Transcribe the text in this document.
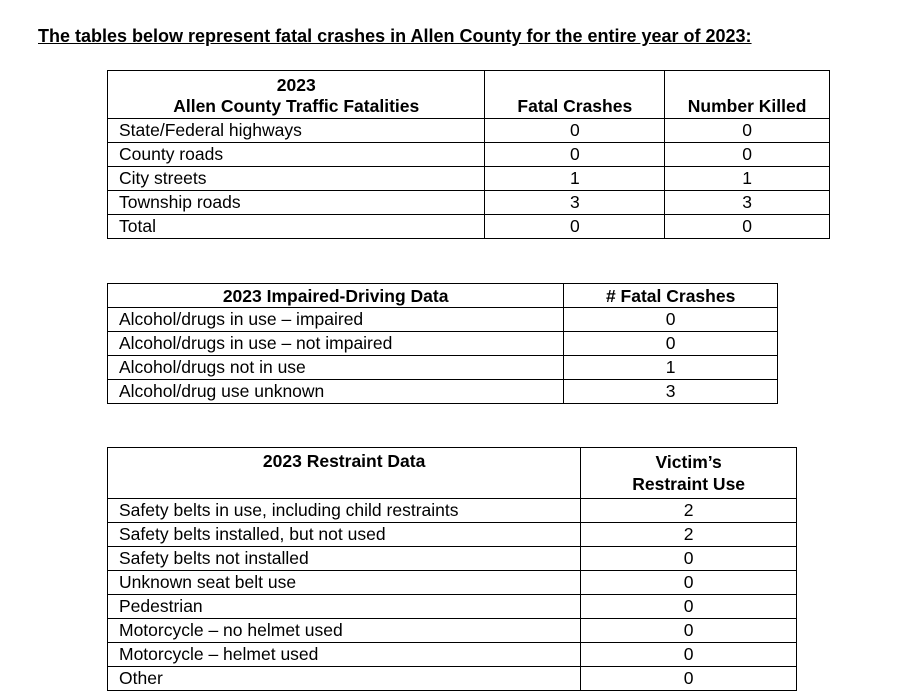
The tables below represent fatal crashes in Allen County for the entire year of 2023:
2023
Allen County Traffic Fatalities	Fatal Crashes	Number Killed
State/Federal highways	0	0
County roads	0	0
City streets	1	1
Township roads	3	3
Total	0	0
2023 Impaired-Driving Data	# Fatal Crashes
Alcohol/drugs in use – impaired	0
Alcohol/drugs in use – not impaired	0
Alcohol/drugs not in use	1
Alcohol/drug use unknown	3
2023 Restraint Data	Victim’s
Restraint Use
Safety belts in use, including child restraints	2
Safety belts installed, but not used	2
Safety belts not installed	0
Unknown seat belt use	0
Pedestrian	0
Motorcycle – no helmet used	0
Motorcycle – helmet used	0
Other	0
